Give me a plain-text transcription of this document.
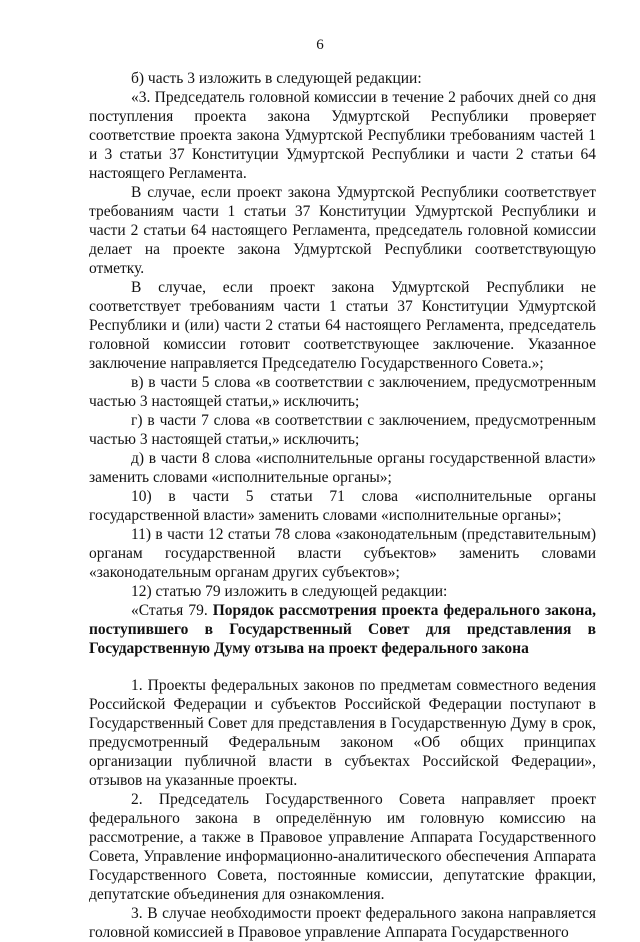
6

б) часть 3 изложить в следующей редакции:

«3. Председатель головной комиссии в течение 2 рабочих дней со дня поступления проекта закона Удмуртской Республики проверяет соответствие проекта закона Удмуртской Республики требованиям частей 1 и 3 статьи 37 Конституции Удмуртской Республики и части 2 статьи 64 настоящего Регламента.

В случае, если проект закона Удмуртской Республики соответствует требованиям части 1 статьи 37 Конституции Удмуртской Республики и части 2 статьи 64 настоящего Регламента, председатель головной комиссии делает на проекте закона Удмуртской Республики соответствующую отметку.

В случае, если проект закона Удмуртской Республики не соответствует требованиям части 1 статьи 37 Конституции Удмуртской Республики и (или) части 2 статьи 64 настоящего Регламента, председатель головной комиссии готовит соответствующее заключение. Указанное заключение направляется Председателю Государственного Совета.»;

в) в части 5 слова «в соответствии с заключением, предусмотренным частью 3 настоящей статьи,» исключить;

г) в части 7 слова «в соответствии с заключением, предусмотренным частью 3 настоящей статьи,» исключить;

д) в части 8 слова «исполнительные органы государственной власти» заменить словами «исполнительные органы»;

10) в части 5 статьи 71 слова «исполнительные органы государственной власти» заменить словами «исполнительные органы»;

11) в части 12 статьи 78 слова «законодательным (представительным) органам государственной власти субъектов» заменить словами «законодательным органам других субъектов»;

12) статью 79 изложить в следующей редакции:

«Статья 79. Порядок рассмотрения проекта федерального закона, поступившего в Государственный Совет для представления в Государственную Думу отзыва на проект федерального закона

1. Проекты федеральных законов по предметам совместного ведения Российской Федерации и субъектов Российской Федерации поступают в Государственный Совет для представления в Государственную Думу в срок, предусмотренный Федеральным законом «Об общих принципах организации публичной власти в субъектах Российской Федерации», отзывов на указанные проекты.

2. Председатель Государственного Совета направляет проект федерального закона в определённую им головную комиссию на рассмотрение, а также в Правовое управление Аппарата Государственного Совета, Управление информационно-аналитического обеспечения Аппарата Государственного Совета, постоянные комиссии, депутатские фракции, депутатские объединения для ознакомления.

3. В случае необходимости проект федерального закона направляется головной комиссией в Правовое управление Аппарата Государственного
